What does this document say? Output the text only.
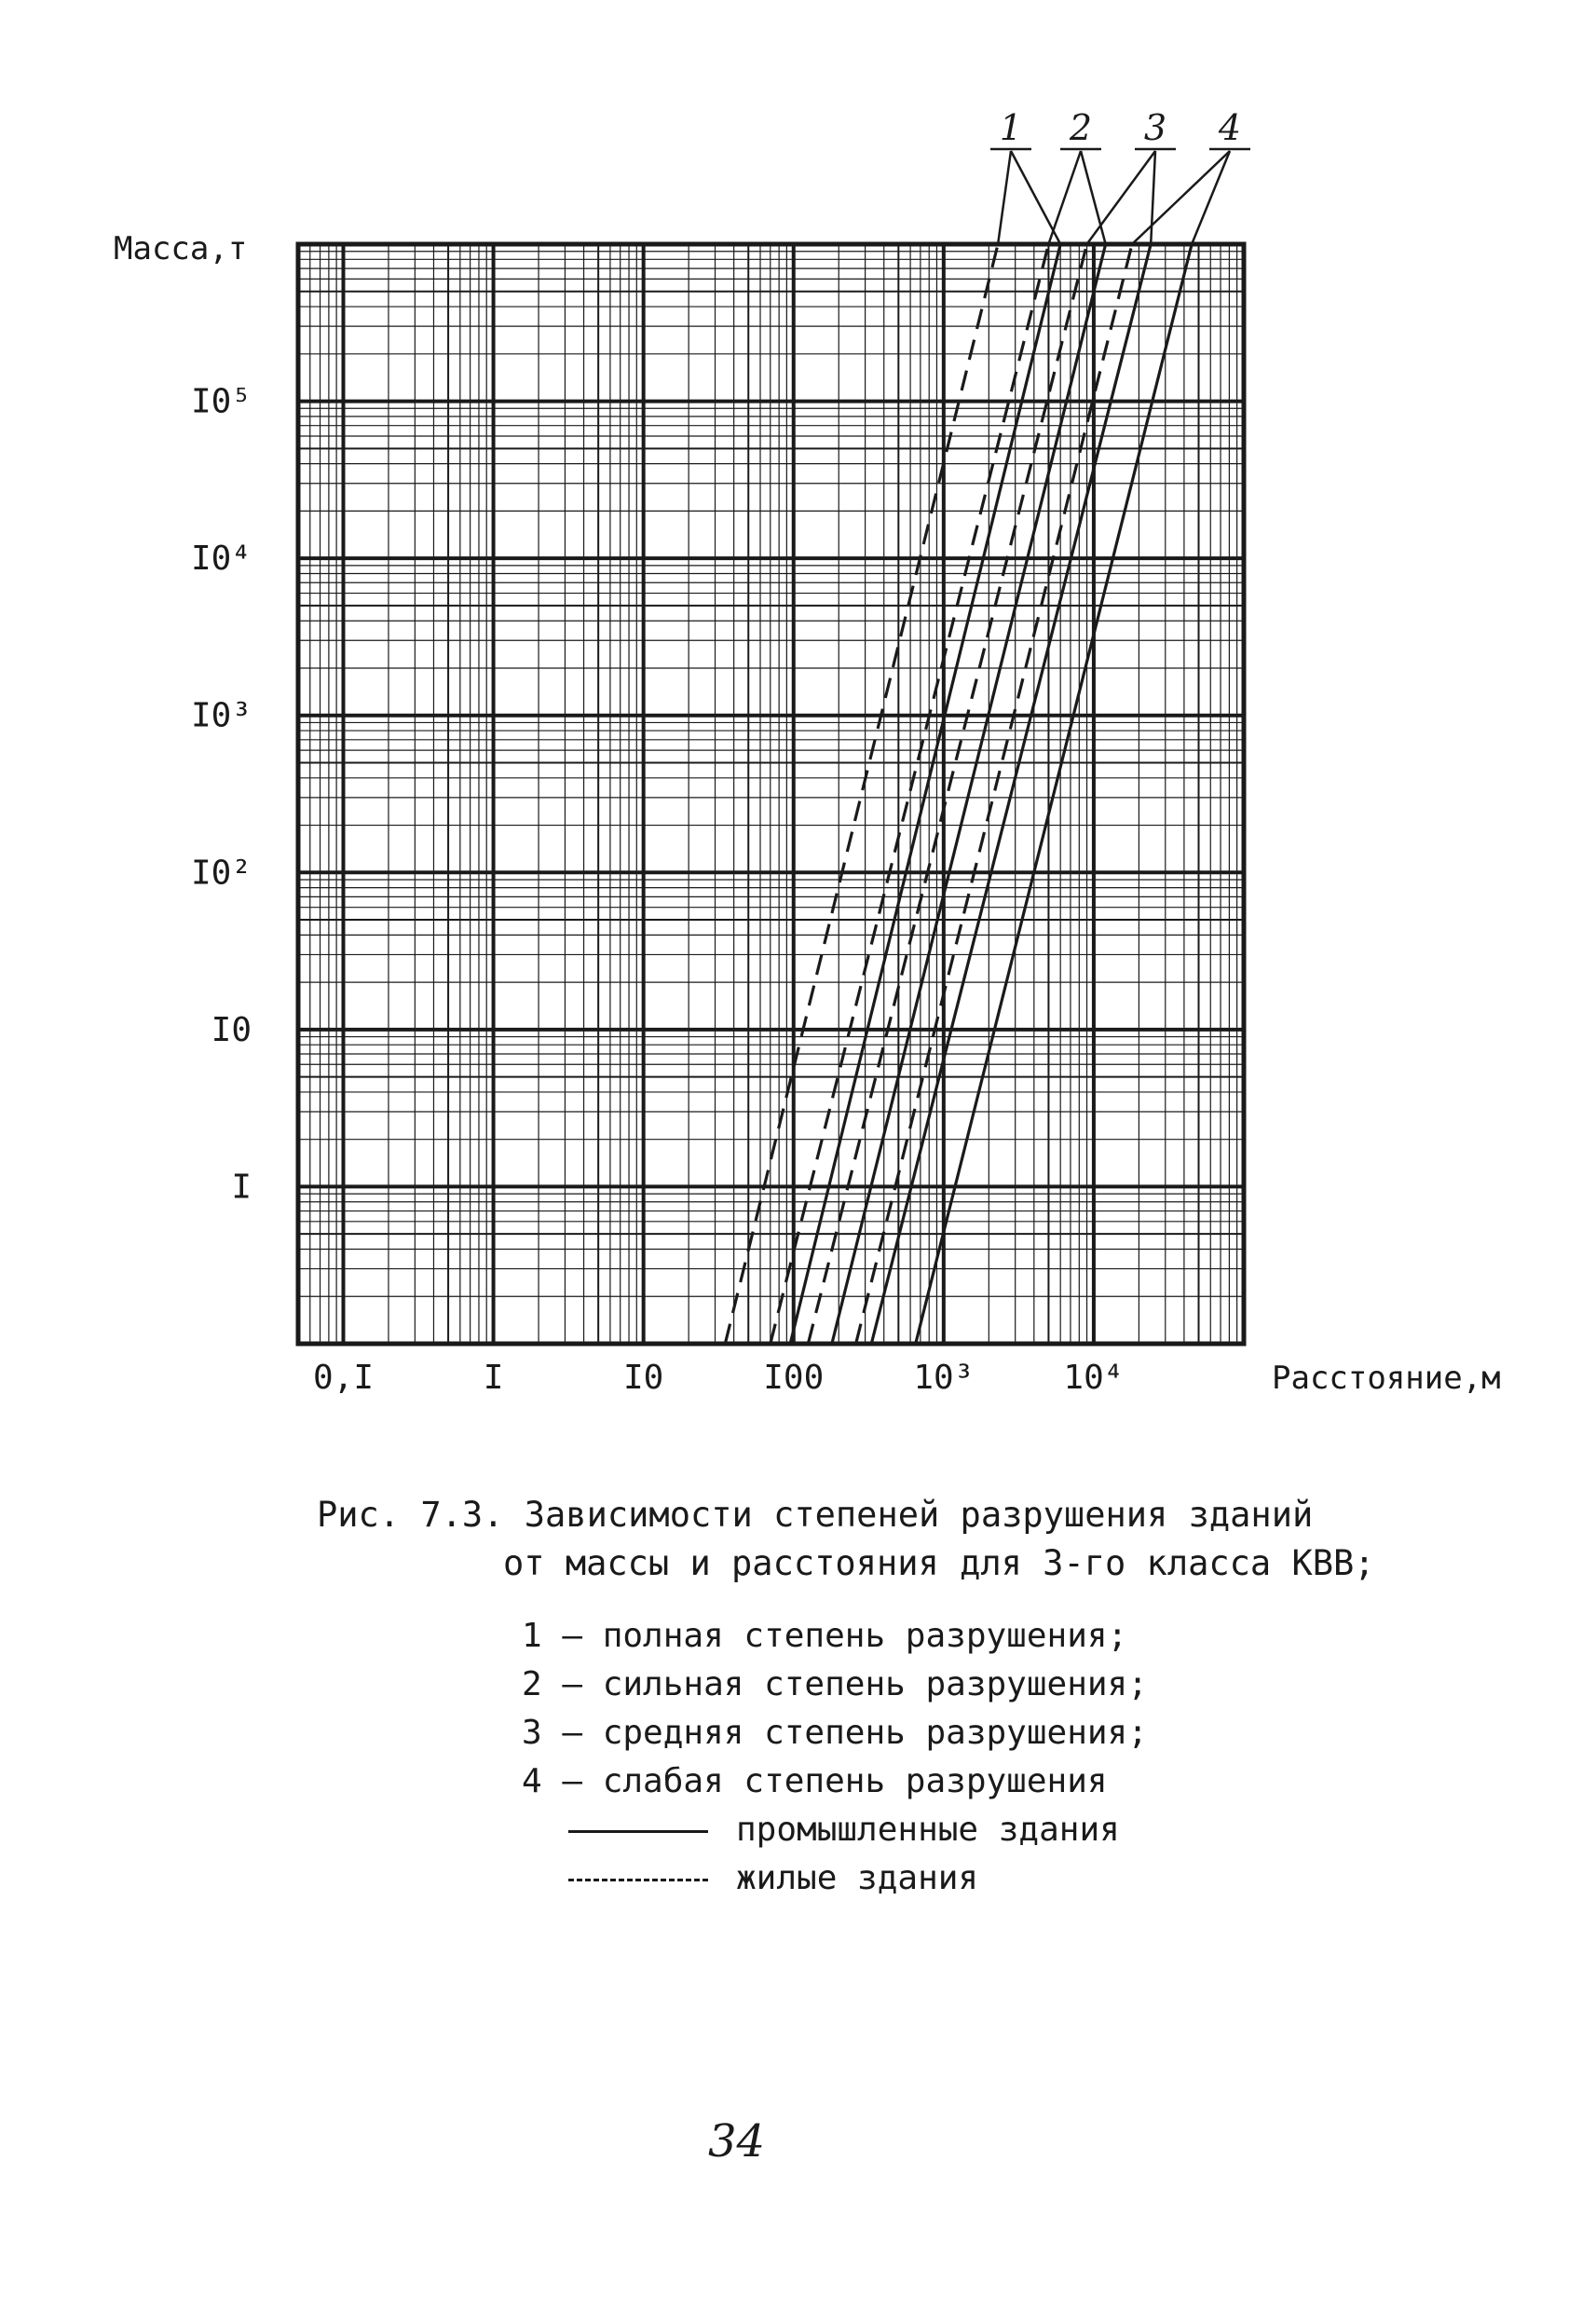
1 2 3 4
0,I	I	I0	I00	10³	10⁴
I
I0
I0²
I0³
I0⁴
I0⁵
Масса,т
Расстояние,м
Рис. 7.3. Зависимости степеней разрушения зданий
от массы и расстояния для 3-го класса КВВ;
1 – полная степень разрушения;
2 – сильная степень разрушения;
3 – средняя степень разрушения;
4 – слабая степень разрушения
промышленные здания
жилые здания
34
